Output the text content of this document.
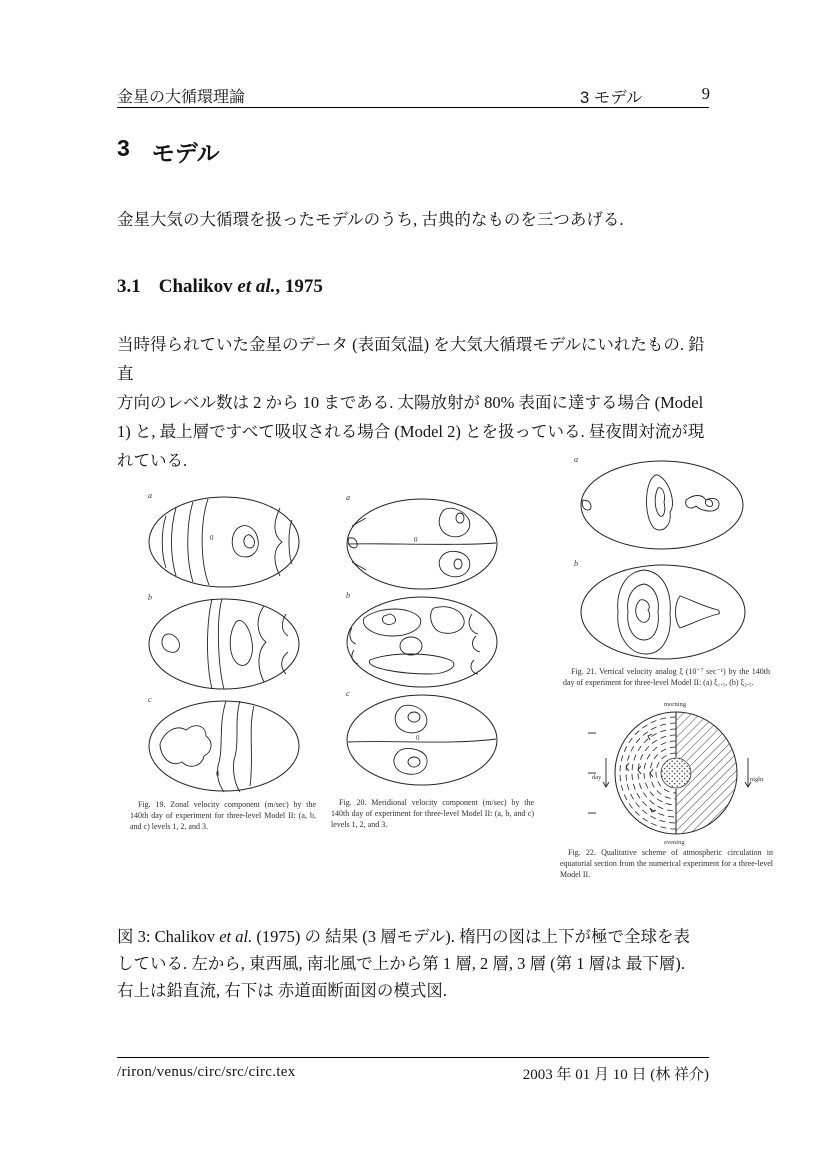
金星の大循環理論	3 モデル	9
3 モデル
金星大気の大循環を扱ったモデルのうち, 古典的なものを三つあげる.
3.1 Chalikov et al., 1975
当時得られていた金星のデータ (表面気温) を大気大循環モデルにいれたもの. 鉛直
方向のレベル数は 2 から 10 まである. 太陽放射が 80% 表面に達する場合 (Model
1) と, 最上層ですべて吸収される場合 (Model 2) とを扱っている. 昼夜間対流が現
れている.
a
0
b
c
0
Fig. 19. Zonal velocity component (m/sec) by the 140th day of experiment for three-level Model II: (a, b, and c) levels 1, 2, and 3.
a
0
b
c
0
Fig. 20. Meridional velocity component (m/sec) by the 140th day of experiment for three-level Model II: (a, b, and c) levels 1, 2, and 3.
a
b
Fig. 21. Vertical velocity analog ξ (10⁻⁷ sec⁻¹) by the 140th day of experiment for three-level Model II: (a) ξ₁.₅, (b) ξ₂.₅.
morning
evening
day	night
Fig. 22. Qualitative scheme of atmospheric circulation in equatorial section from the numerical experiment for a three-level Model II.
図 3: Chalikov et al. (1975) の 結果 (3 層モデル). 楕円の図は上下が極で全球を表
している. 左から, 東西風, 南北風で上から第 1 層, 2 層, 3 層 (第 1 層は 最下層).
右上は鉛直流, 右下は 赤道面断面図の模式図.
/riron/venus/circ/src/circ.tex	2003 年 01 月 10 日 (林 祥介)
